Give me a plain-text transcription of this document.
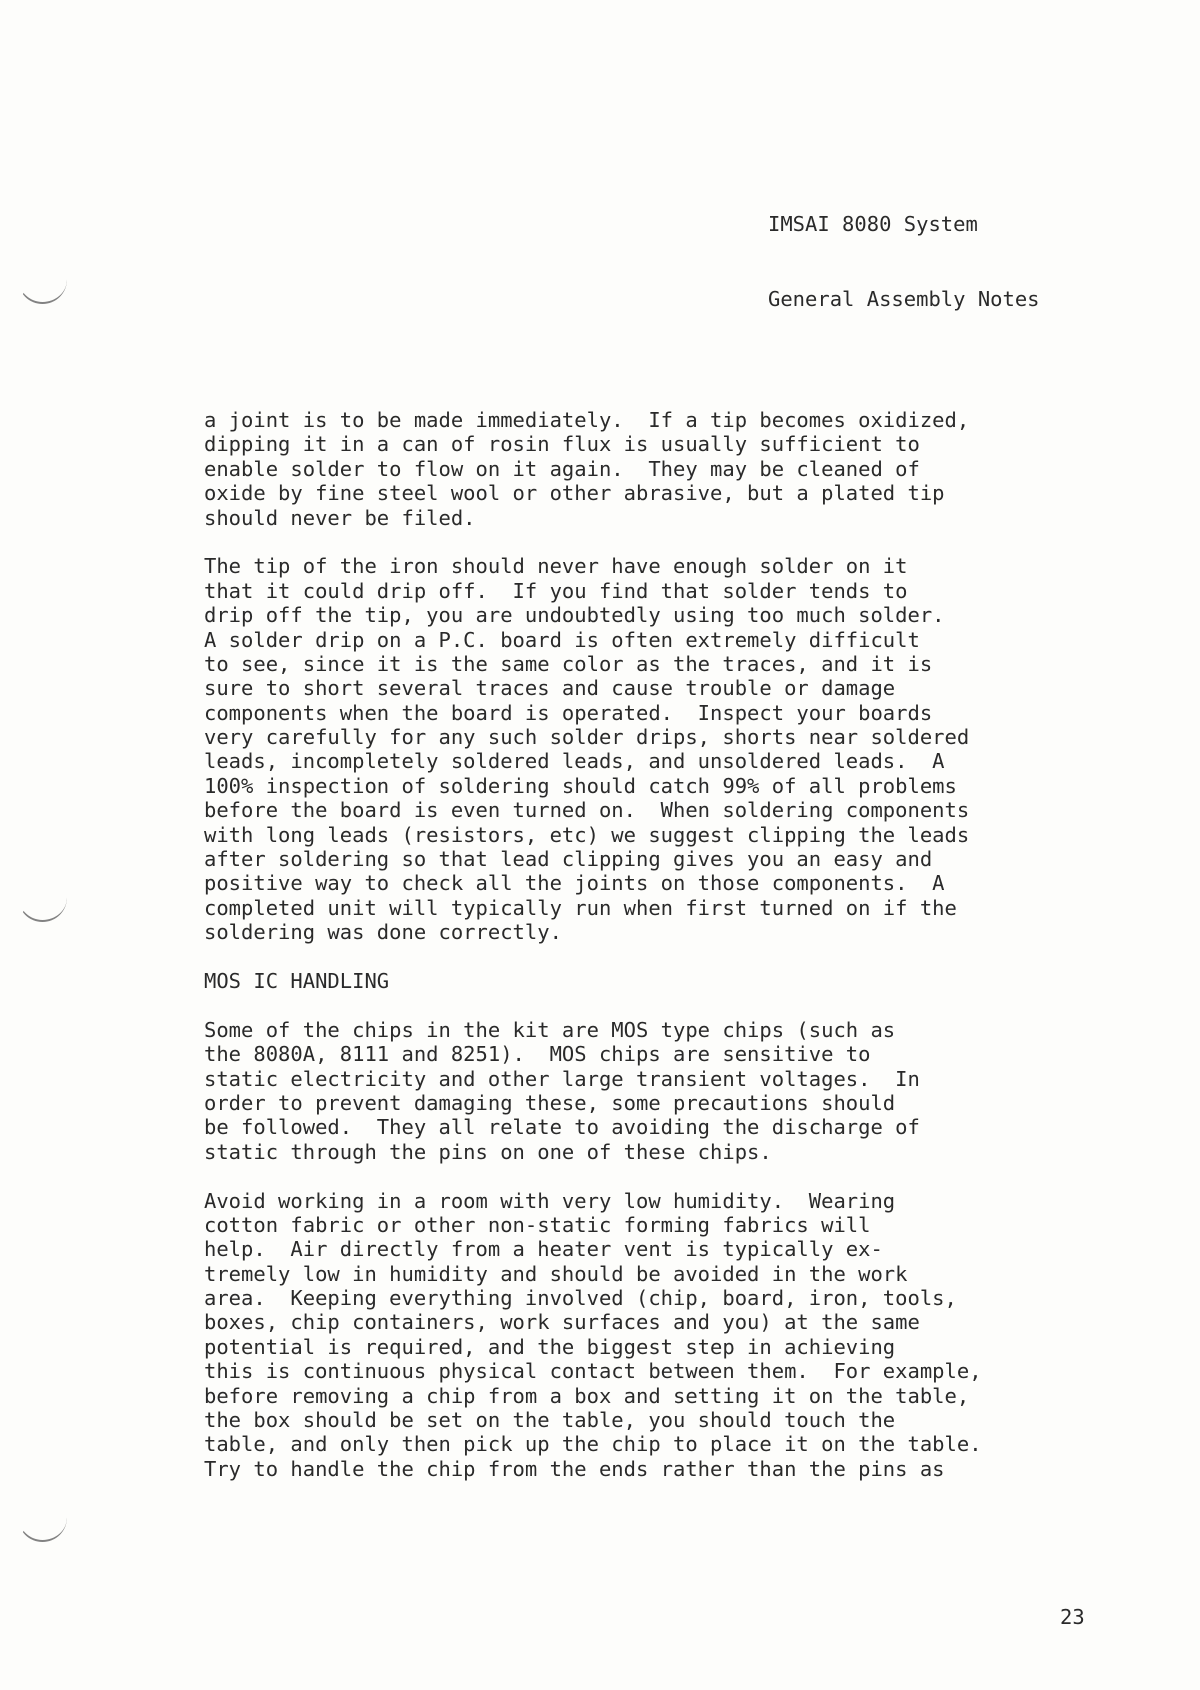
IMSAI 8080 System

General Assembly Notes

a joint is to be made immediately.  If a tip becomes oxidized,
dipping it in a can of rosin flux is usually sufficient to
enable solder to flow on it again.  They may be cleaned of
oxide by fine steel wool or other abrasive, but a plated tip
should never be filed.
The tip of the iron should never have enough solder on it
that it could drip off.  If you find that solder tends to
drip off the tip, you are undoubtedly using too much solder.
A solder drip on a P.C. board is often extremely difficult
to see, since it is the same color as the traces, and it is
sure to short several traces and cause trouble or damage
components when the board is operated.  Inspect your boards
very carefully for any such solder drips, shorts near soldered
leads, incompletely soldered leads, and unsoldered leads.  A
100% inspection of soldering should catch 99% of all problems
before the board is even turned on.  When soldering components
with long leads (resistors, etc) we suggest clipping the leads
after soldering so that lead clipping gives you an easy and
positive way to check all the joints on those components.  A
completed unit will typically run when first turned on if the
soldering was done correctly.
MOS IC HANDLING
Some of the chips in the kit are MOS type chips (such as
the 8080A, 8111 and 8251).  MOS chips are sensitive to
static electricity and other large transient voltages.  In
order to prevent damaging these, some precautions should
be followed.  They all relate to avoiding the discharge of
static through the pins on one of these chips.
Avoid working in a room with very low humidity.  Wearing
cotton fabric or other non-static forming fabrics will
help.  Air directly from a heater vent is typically ex-
tremely low in humidity and should be avoided in the work
area.  Keeping everything involved (chip, board, iron, tools,
boxes, chip containers, work surfaces and you) at the same
potential is required, and the biggest step in achieving
this is continuous physical contact between them.  For example,
before removing a chip from a box and setting it on the table,
the box should be set on the table, you should touch the
table, and only then pick up the chip to place it on the table.
Try to handle the chip from the ends rather than the pins as
23
